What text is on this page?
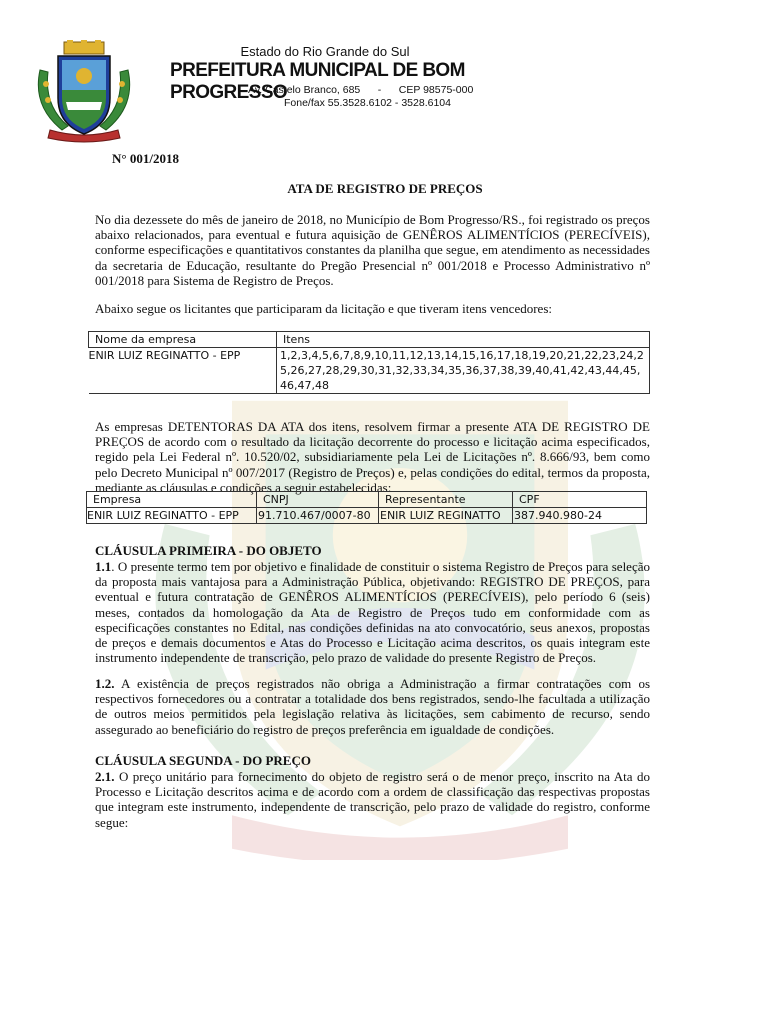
Estado do Rio Grande do Sul
PREFEITURA MUNICIPAL DE BOM PROGRESSO
Av. Castelo Branco, 685      -      CEP 98575-000
Fone/fax 55.3528.6102 - 3528.6104
N° 001/2018
ATA DE REGISTRO DE PREÇOS
No dia dezessete do mês de janeiro de 2018, no Município de Bom Progresso/RS., foi registrado os preços abaixo relacionados, para eventual e futura aquisição de GENÊROS ALIMENTÍCIOS (PERECÍVEIS), conforme especificações e quantitativos constantes da planilha que segue, em atendimento as necessidades da secretaria de Educação, resultante do Pregão Presencial nº 001/2018 e Processo Administrativo nº 001/2018 para Sistema de Registro de Preços.
Abaixo segue os licitantes que participaram da licitação e que tiveram itens vencedores:
Nome da empresa	Itens
ENIR LUIZ REGINATTO - EPP	1,2,3,4,5,6,7,8,9,10,11,12,13,14,15,16,17,18,19,20,21,22,23,24,25,26,27,28,29,30,31,32,33,34,35,36,37,38,39,40,41,42,43,44,45,46,47,48
As empresas DETENTORAS DA ATA dos itens, resolvem firmar a presente ATA DE REGISTRO DE PREÇOS de acordo com o resultado da licitação decorrente do processo e licitação acima especificados, regido pela Lei Federal nº. 10.520/02, subsidiariamente pela Lei de Licitações nº. 8.666/93, bem como pelo Decreto Municipal nº 007/2017 (Registro de Preços) e, pelas condições do edital, termos da proposta, mediante as cláusulas e condições a seguir estabelecidas:
Empresa	CNPJ	Representante	CPF
ENIR LUIZ REGINATTO - EPP	91.710.467/0007-80	ENIR LUIZ REGINATTO	387.940.980-24
CLÁUSULA PRIMEIRA - DO OBJETO
1.1. O presente termo tem por objetivo e finalidade de constituir o sistema Registro de Preços para seleção da proposta mais vantajosa para a Administração Pública, objetivando: REGISTRO DE PREÇOS, para eventual e futura contratação de GENÊROS ALIMENTÍCIOS (PERECÍVEIS), pelo período 6 (seis) meses, contados da homologação da Ata de Registro de Preços tudo em conformidade com as especificações constantes no Edital, nas condições definidas na ato convocatório, seus anexos, propostas de preços e demais documentos e Atas do Processo e Licitação acima descritos, os quais integram este instrumento independente de transcrição, pelo prazo de validade do presente Registro de Preços.
1.2. A existência de preços registrados não obriga a Administração a firmar contratações com os respectivos fornecedores ou a contratar a totalidade dos bens registrados, sendo-lhe facultada a utilização de outros meios permitidos pela legislação relativa às licitações, sem cabimento de recurso, sendo assegurado ao beneficiário do registro de preços preferência em igualdade de condições.
CLÁUSULA SEGUNDA - DO PREÇO
2.1. O preço unitário para fornecimento do objeto de registro será o de menor preço, inscrito na Ata do Processo e Licitação descritos acima e de acordo com a ordem de classificação das respectivas propostas que integram este instrumento, independente de transcrição, pelo prazo de validade do registro, conforme segue:
